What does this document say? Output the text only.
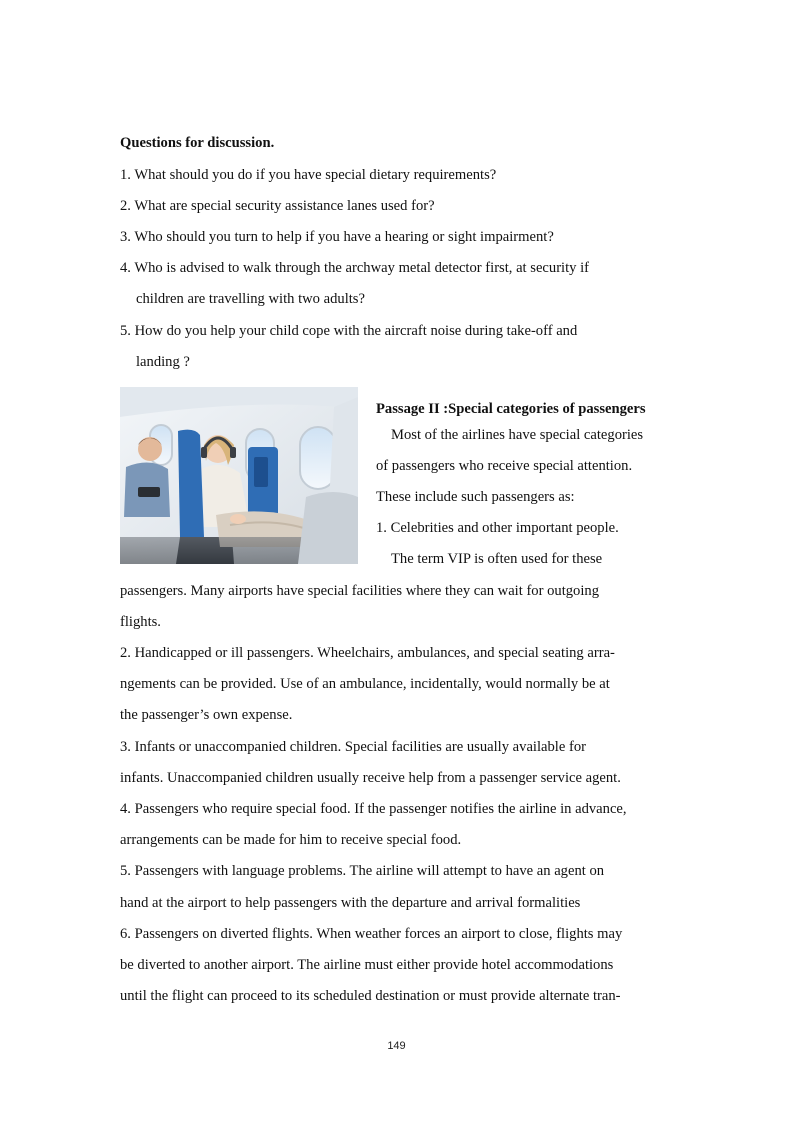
Questions for discussion.
1. What should you do if you have special dietary requirements?
2. What are special security assistance lanes used for?
3. Who should you turn to help if you have a hearing or sight impairment?
4. Who is advised to walk through the archway metal detector first, at security if
children are travelling with two adults?
5. How do you help your child cope with the aircraft noise during take-off and
landing ?
Passage II :Special categories of passengers
Most of the airlines have special categories
of passengers who receive special attention.
These include such passengers as:
1. Celebrities and other important people.
The term VIP is often used for these
passengers. Many airports have special facilities where they can wait for outgoing
flights.
2. Handicapped or ill passengers. Wheelchairs, ambulances, and special seating arra-
ngements can be provided. Use of an ambulance, incidentally, would normally be at
the passenger’s own expense.
3. Infants or unaccompanied children. Special facilities are usually available for
infants. Unaccompanied children usually receive help from a passenger service agent.
4. Passengers who require special food. If the passenger notifies the airline in advance,
arrangements can be made for him to receive special food.
5. Passengers with language problems. The airline will attempt to have an agent on
hand at the airport to help passengers with the departure and arrival formalities
6. Passengers on diverted flights. When weather forces an airport to close, flights may
be diverted to another airport. The airline must either provide hotel accommodations
until the flight can proceed to its scheduled destination or must provide alternate tran-
149
